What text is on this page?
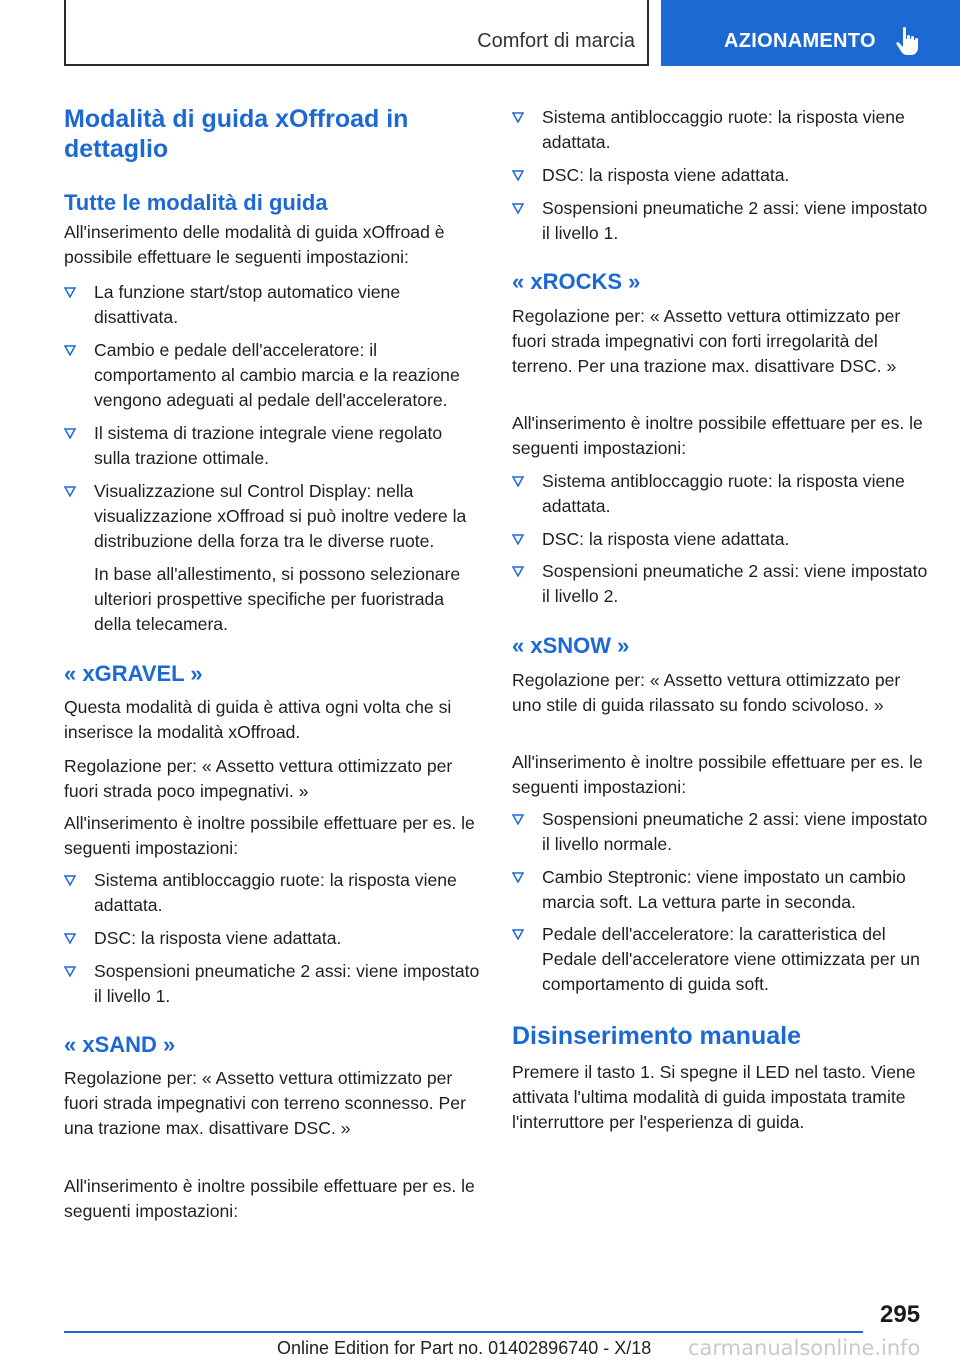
Comfort di marcia	AZIONAMENTO
Modalità di guida xOffroad in dettaglio
Tutte le modalità di guida
All'inserimento delle modalità di guida xOffroad è possibile effettuare le seguenti impostazioni:
La funzione start/stop automatico viene disattivata.
Cambio e pedale dell'acceleratore: il comportamento al cambio marcia e la reazione vengono adeguati al pedale dell'acceleratore.
Il sistema di trazione integrale viene regolato sulla trazione ottimale.
Visualizzazione sul Control Display: nella visualizzazione xOffroad si può inoltre vedere la distribuzione della forza tra le diverse ruote.
In base all'allestimento, si possono selezionare ulteriori prospettive specifiche per fuoristrada della telecamera.
« xGRAVEL »
Questa modalità di guida è attiva ogni volta che si inserisce la modalità xOffroad.
Regolazione per: « Assetto vettura ottimizzato per fuori strada poco impegnativi. »
All'inserimento è inoltre possibile effettuare per es. le seguenti impostazioni:
Sistema antibloccaggio ruote: la risposta viene adattata.
DSC: la risposta viene adattata.
Sospensioni pneumatiche 2 assi: viene impostato il livello 1.
« xSAND »
Regolazione per: « Assetto vettura ottimizzato per fuori strada impegnativi con terreno sconnesso. Per una trazione max. disattivare DSC. »
All'inserimento è inoltre possibile effettuare per es. le seguenti impostazioni:
Sistema antibloccaggio ruote: la risposta viene adattata.
DSC: la risposta viene adattata.
Sospensioni pneumatiche 2 assi: viene impostato il livello 1.
« xROCKS »
Regolazione per: « Assetto vettura ottimizzato per fuori strada impegnativi con forti irregolarità del terreno. Per una trazione max. disattivare DSC. »
All'inserimento è inoltre possibile effettuare per es. le seguenti impostazioni:
Sistema antibloccaggio ruote: la risposta viene adattata.
DSC: la risposta viene adattata.
Sospensioni pneumatiche 2 assi: viene impostato il livello 2.
« xSNOW »
Regolazione per: « Assetto vettura ottimizzato per uno stile di guida rilassato su fondo scivoloso. »
All'inserimento è inoltre possibile effettuare per es. le seguenti impostazioni:
Sospensioni pneumatiche 2 assi: viene impostato il livello normale.
Cambio Steptronic: viene impostato un cambio marcia soft. La vettura parte in seconda.
Pedale dell'acceleratore: la caratteristica del Pedale dell'acceleratore viene ottimizzata per un comportamento di guida soft.
Disinserimento manuale
Premere il tasto 1. Si spegne il LED nel tasto. Viene attivata l'ultima modalità di guida impostata tramite l'interruttore per l'esperienza di guida.
295
Online Edition for Part no. 01402896740 - X/18 carmanualsonline.info
